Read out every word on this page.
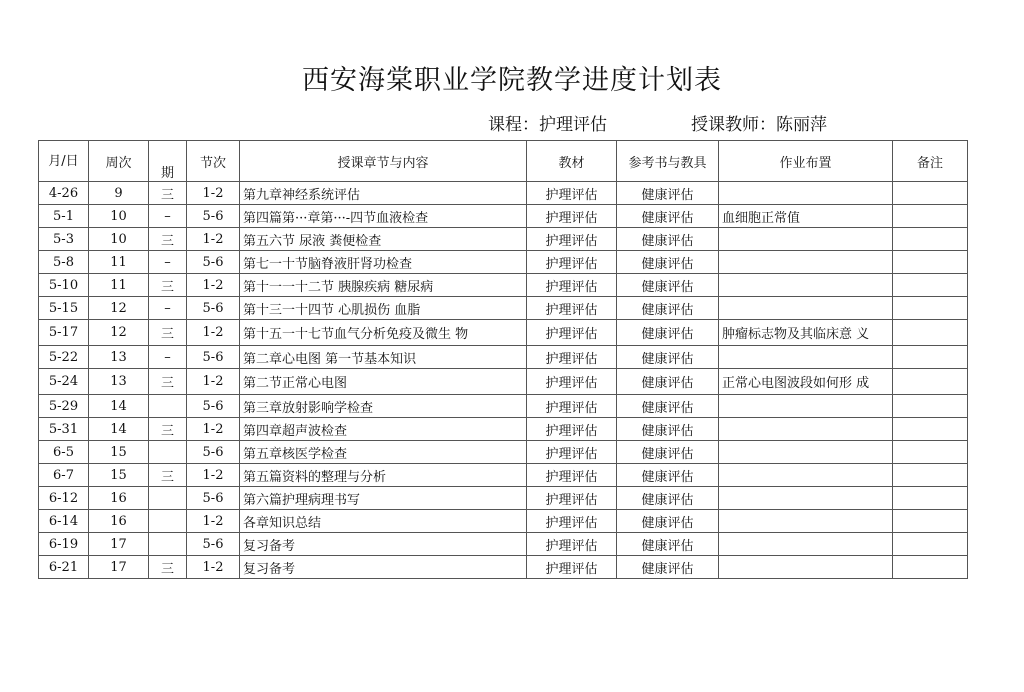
西安海棠职业学院教学进度计划表
课程：护理评估	授课教师：陈丽萍
月/日	周次	期	节次	授课章节与内容	教材	参考书与教具	作业布置	备注
4-26	9	三	1-2	第九章神经系统评估	护理评估	健康评估		
5-1	10	–	5-6	第四篇第···章第···-四节血液检查	护理评估	健康评估	血细胞正常值	
5-3	10	三	1-2	第五六节 尿液 粪便检查	护理评估	健康评估		
5-8	11	–	5-6	第七一十节脑脊液肝肾功检查	护理评估	健康评估		
5-10	11	三	1-2	第十一一十二节 胰腺疾病 糖尿病	护理评估	健康评估		
5-15	12	–	5-6	第十三一十四节 心肌损伤 血脂	护理评估	健康评估		
5-17	12	三	1-2	第十五一十七节血气分析免疫及微生 物	护理评估	健康评估	肿瘤标志物及其临床意 义	
5-22	13	–	5-6	第二章心电图 第一节基本知识	护理评估	健康评估		
5-24	13	三	1-2	第二节正常心电图	护理评估	健康评估	正常心电图波段如何形 成	
5-29	14		5-6	第三章放射影响学检查	护理评估	健康评估		
5-31	14	三	1-2	第四章超声波检查	护理评估	健康评估		
6-5	15		5-6	第五章核医学检查	护理评估	健康评估		
6-7	15	三	1-2	第五篇资料的整理与分析	护理评估	健康评估		
6-12	16		5-6	第六篇护理病理书写	护理评估	健康评估		
6-14	16		1-2	各章知识总结	护理评估	健康评估		
6-19	17		5-6	复习备考	护理评估	健康评估		
6-21	17	三	1-2	复习备考	护理评估	健康评估		
